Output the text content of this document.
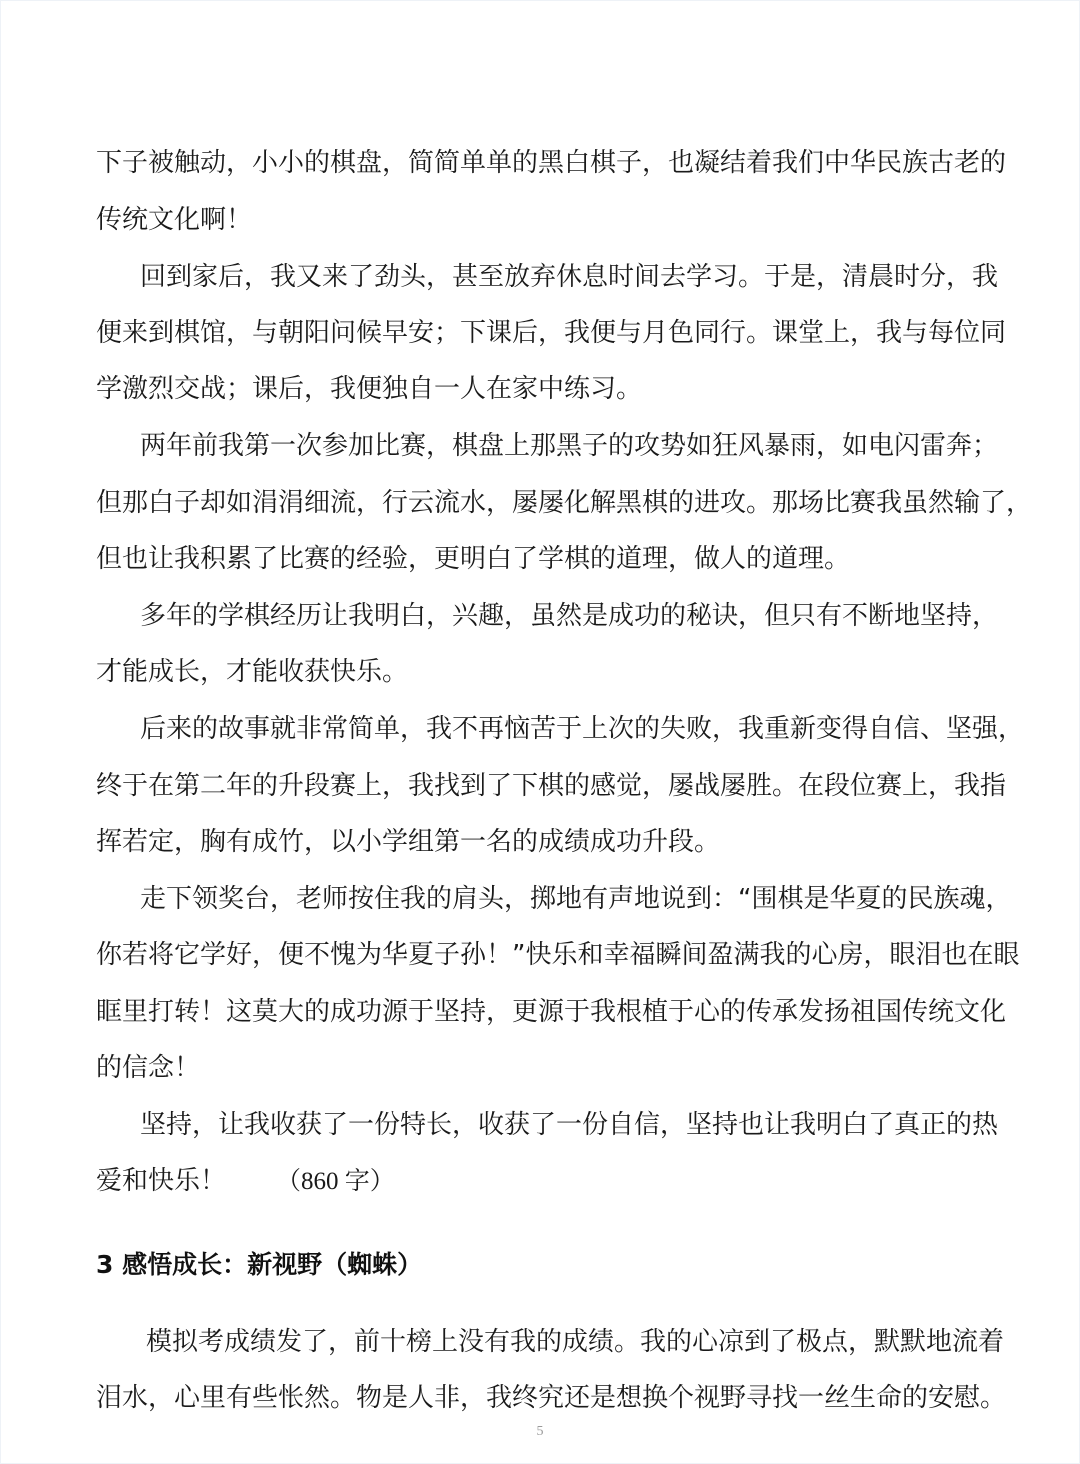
下子被触动，小小的棋盘，简简单单的黑白棋子，也凝结着我们中华民族古老的
传统文化啊！
回到家后，我又来了劲头，甚至放弃休息时间去学习。于是，清晨时分，我
便来到棋馆，与朝阳问候早安；下课后，我便与月色同行。课堂上，我与每位同
学激烈交战；课后，我便独自一人在家中练习。
两年前我第一次参加比赛，棋盘上那黑子的攻势如狂风暴雨，如电闪雷奔；
但那白子却如涓涓细流，行云流水，屡屡化解黑棋的进攻。那场比赛我虽然输了，
但也让我积累了比赛的经验，更明白了学棋的道理，做人的道理。
多年的学棋经历让我明白，兴趣，虽然是成功的秘诀，但只有不断地坚持，
才能成长，才能收获快乐。
后来的故事就非常简单，我不再恼苦于上次的失败，我重新变得自信、坚强，
终于在第二年的升段赛上，我找到了下棋的感觉，屡战屡胜。在段位赛上，我指
挥若定，胸有成竹，以小学组第一名的成绩成功升段。
走下领奖台，老师按住我的肩头，掷地有声地说到：“围棋是华夏的民族魂，
你若将它学好，便不愧为华夏子孙！”快乐和幸福瞬间盈满我的心房，眼泪也在眼
眶里打转！这莫大的成功源于坚持，更源于我根植于心的传承发扬祖国传统文化
的信念！
坚持，让我收获了一份特长，收获了一份自信，坚持也让我明白了真正的热
爱和快乐！ （860 字）
3 感悟成长：新视野（蜘蛛）
模拟考成绩发了，前十榜上没有我的成绩。我的心凉到了极点，默默地流着
泪水，心里有些怅然。物是人非，我终究还是想换个视野寻找一丝生命的安慰。
5
